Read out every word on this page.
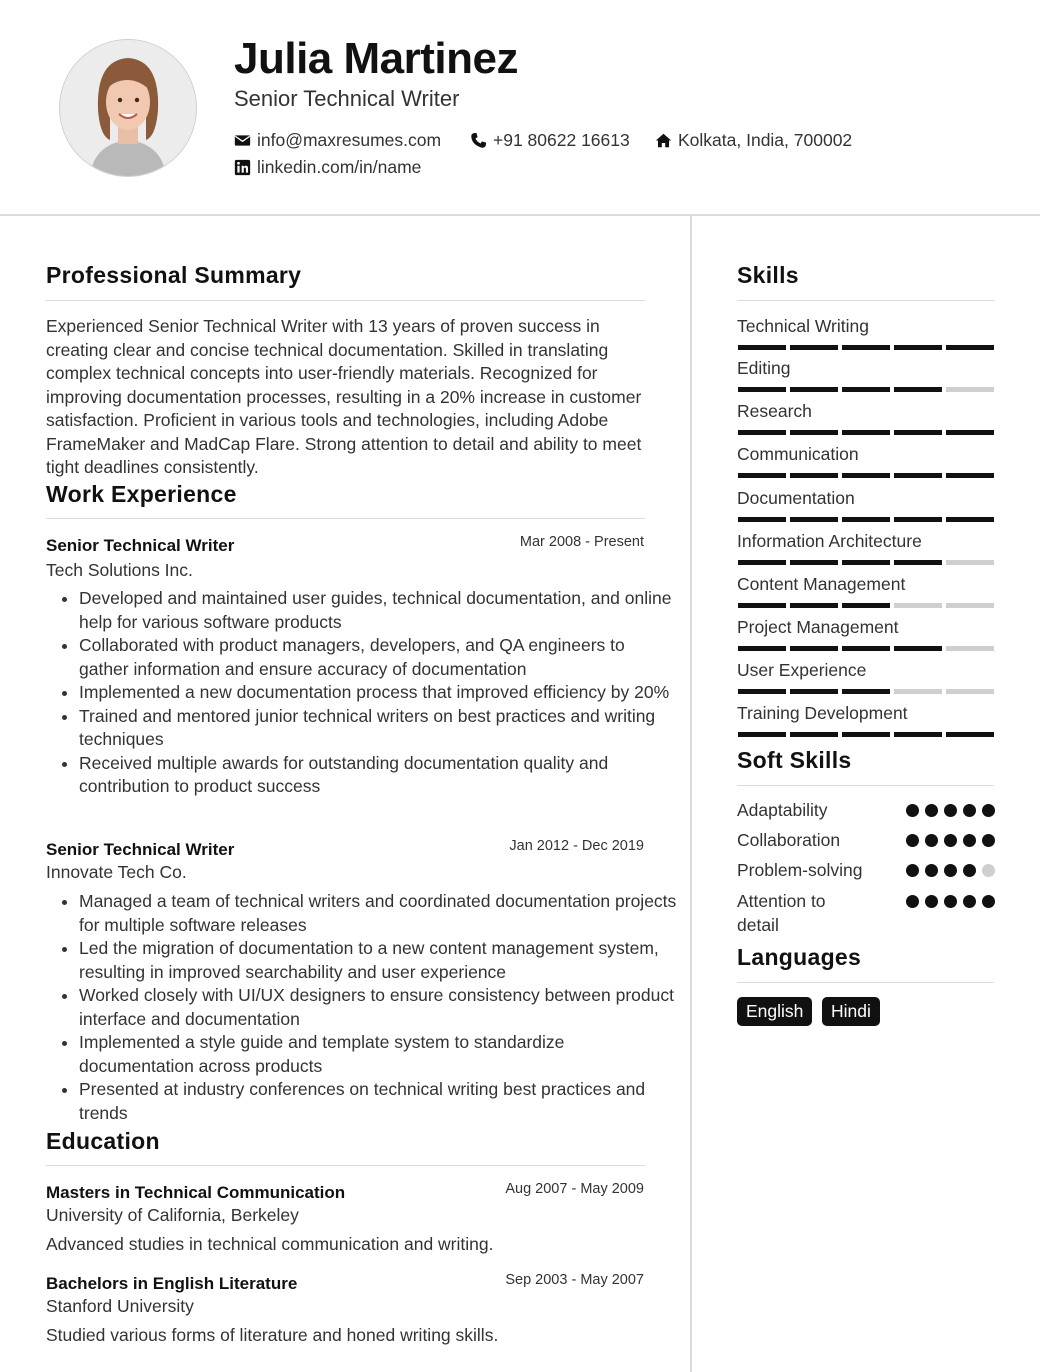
Julia Martinez
Senior Technical Writer
info@maxresumes.com	+91 80622 16613	Kolkata, India, 700002
linkedin.com/in/name
Professional Summary
Experienced Senior Technical Writer with 13 years of proven success in creating clear and concise technical documentation. Skilled in translating complex technical concepts into user-friendly materials. Recognized for improving documentation processes, resulting in a 20% increase in customer satisfaction. Proficient in various tools and technologies, including Adobe FrameMaker and MadCap Flare. Strong attention to detail and ability to meet tight deadlines consistently.
Work Experience
Senior Technical Writer	Mar 2008 - Present
Tech Solutions Inc.
• Developed and maintained user guides, technical documentation, and online help for various software products
• Collaborated with product managers, developers, and QA engineers to gather information and ensure accuracy of documentation
• Implemented a new documentation process that improved efficiency by 20%
• Trained and mentored junior technical writers on best practices and writing techniques
• Received multiple awards for outstanding documentation quality and contribution to product success
Senior Technical Writer	Jan 2012 - Dec 2019
Innovate Tech Co.
• Managed a team of technical writers and coordinated documentation projects for multiple software releases
• Led the migration of documentation to a new content management system, resulting in improved searchability and user experience
• Worked closely with UI/UX designers to ensure consistency between product interface and documentation
• Implemented a style guide and template system to standardize documentation across products
• Presented at industry conferences on technical writing best practices and trends
Education
Masters in Technical Communication	Aug 2007 - May 2009
University of California, Berkeley
Advanced studies in technical communication and writing.
Bachelors in English Literature	Sep 2003 - May 2007
Stanford University
Studied various forms of literature and honed writing skills.
Skills
Technical Writing
Editing
Research
Communication
Documentation
Information Architecture
Content Management
Project Management
User Experience
Training Development
Soft Skills
Adaptability
Collaboration
Problem-solving
Attention to detail
Languages
English	Hindi
